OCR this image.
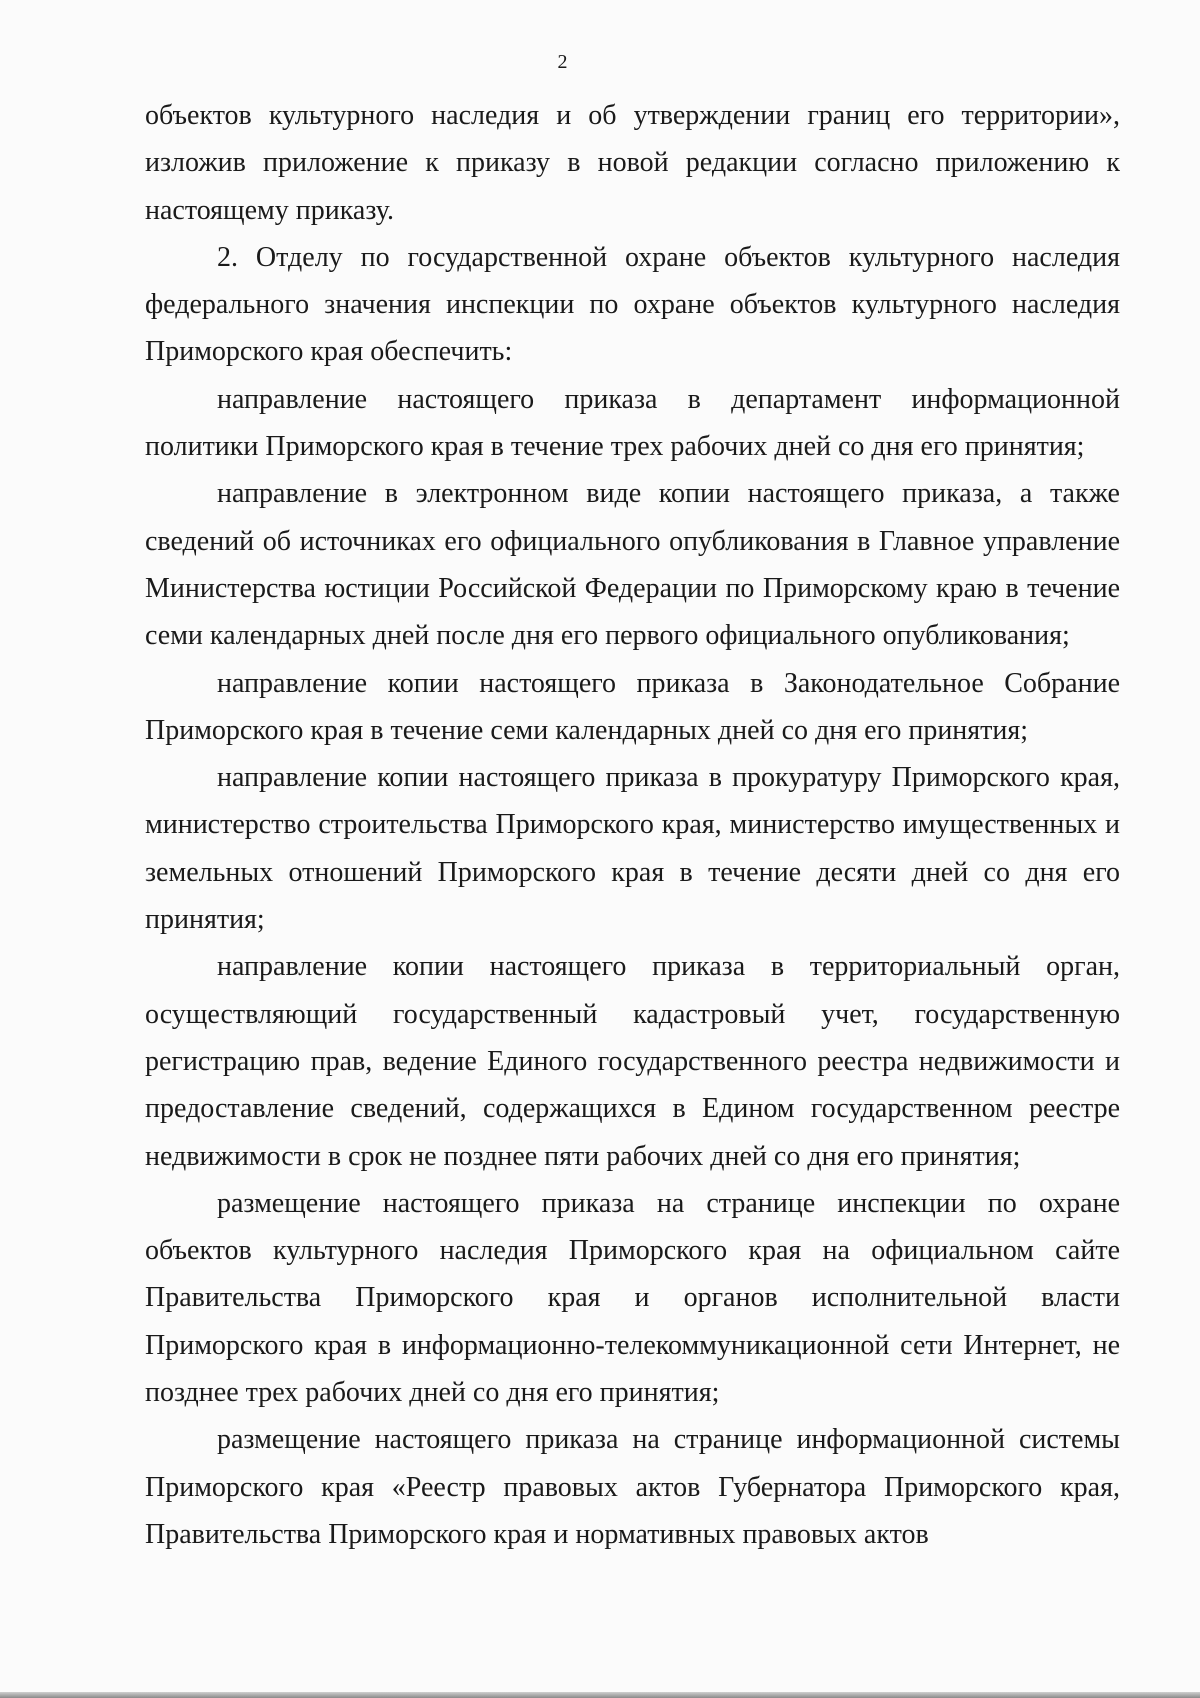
2

объектов культурного наследия и об утверждении границ его территории», изложив приложение к приказу в новой редакции согласно приложению к настоящему приказу.

2. Отделу по государственной охране объектов культурного наследия федерального значения инспекции по охране объектов культурного наследия Приморского края обеспечить:

направление настоящего приказа в департамент информационной политики Приморского края в течение трех рабочих дней со дня его принятия;

направление в электронном виде копии настоящего приказа, а также сведений об источниках его официального опубликования в Главное управление Министерства юстиции Российской Федерации по Приморскому краю в течение семи календарных дней после дня его первого официального опубликования;

направление копии настоящего приказа в Законодательное Собрание Приморского края в течение семи календарных дней со дня его принятия;

направление копии настоящего приказа в прокуратуру Приморского края, министерство строительства Приморского края, министерство имущественных и земельных отношений Приморского края в течение десяти дней со дня его принятия;

направление копии настоящего приказа в территориальный орган, осуществляющий государственный кадастровый учет, государственную регистрацию прав, ведение Единого государственного реестра недвижимости и предоставление сведений, содержащихся в Едином государственном реестре недвижимости в срок не позднее пяти рабочих дней со дня его принятия;

размещение настоящего приказа на странице инспекции по охране объектов культурного наследия Приморского края на официальном сайте Правительства Приморского края и органов исполнительной власти Приморского края в информационно-телекоммуникационной сети Интернет, не позднее трех рабочих дней со дня его принятия;

размещение настоящего приказа на странице информационной системы Приморского края «Реестр правовых актов Губернатора Приморского края, Правительства Приморского края и нормативных правовых актов
